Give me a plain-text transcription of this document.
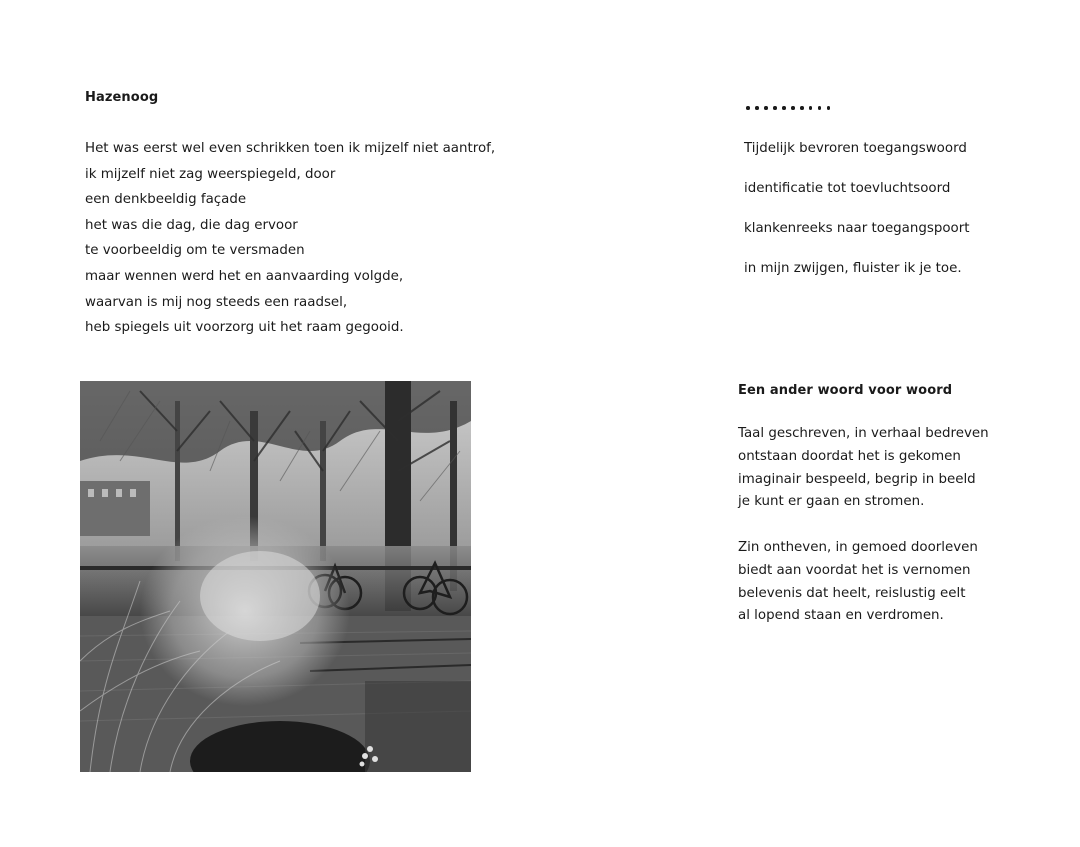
Hazenoog
Het was eerst wel even schrikken toen ik mijzelf niet aantrof,
ik mijzelf niet zag weerspiegeld, door
een denkbeeldig façade
het was die dag, die dag ervoor
te voorbeeldig om te versmaden
maar wennen werd het en aanvaarding volgde,
waarvan is mij nog steeds een raadsel,
heb spiegels uit voorzorg uit het raam gegooid.
Tijdelijk bevroren toegangswoord
identificatie tot toevluchtsoord
klankenreeks naar toegangspoort
in mijn zwijgen, fluister ik je toe.
Een ander woord voor woord
Taal geschreven, in verhaal bedreven
ontstaan doordat het is gekomen
imaginair bespeeld, begrip in beeld
je kunt er gaan en stromen.
Zin ontheven, in gemoed doorleven
biedt aan voordat het is vernomen
belevenis dat heelt, reislustig eelt
al lopend staan en verdromen.
